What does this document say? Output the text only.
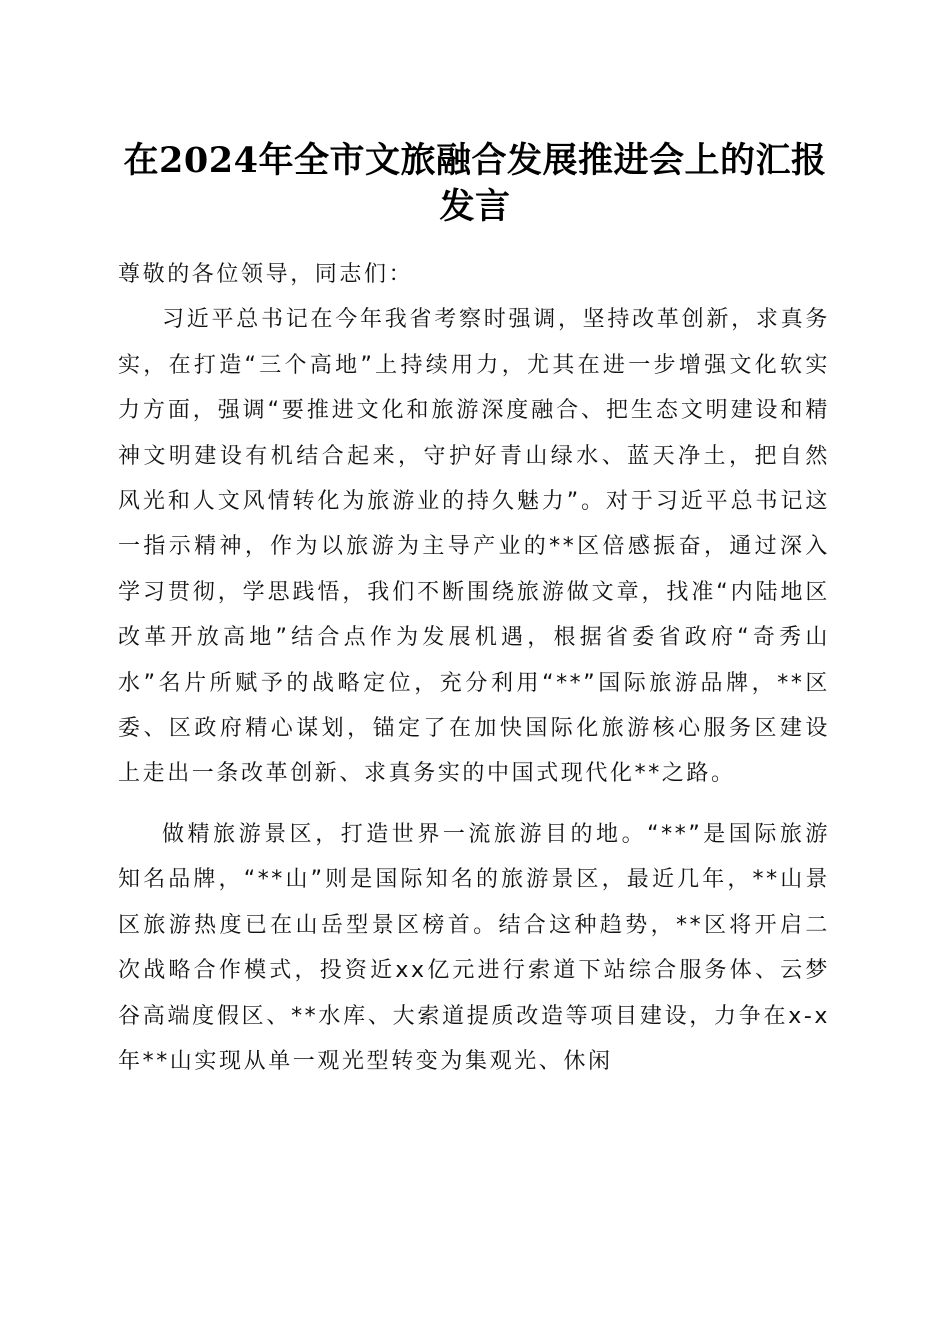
在2024年全市文旅融合发展推进会上的汇报发言

尊敬的各位领导，同志们：

习近平总书记在今年我省考察时强调，坚持改革创新，求真务实，在打造“三个高地”上持续用力，尤其在进一步增强文化软实力方面，强调“要推进文化和旅游深度融合、把生态文明建设和精神文明建设有机结合起来，守护好青山绿水、蓝天净土，把自然风光和人文风情转化为旅游业的持久魅力”。对于习近平总书记这一指示精神，作为以旅游为主导产业的**区倍感振奋，通过深入学习贯彻，学思践悟，我们不断围绕旅游做文章，找准“内陆地区改革开放高地”结合点作为发展机遇，根据省委省政府“奇秀山水”名片所赋予的战略定位，充分利用“**”国际旅游品牌，**区委、区政府精心谋划，锚定了在加快国际化旅游核心服务区建设上走出一条改革创新、求真务实的中国式现代化**之路。

做精旅游景区，打造世界一流旅游目的地。“**”是国际旅游知名品牌，“**山”则是国际知名的旅游景区，最近几年，**山景区旅游热度已在山岳型景区榜首。结合这种趋势，**区将开启二次战略合作模式，投资近xx亿元进行索道下站综合服务体、云梦谷高端度假区、**水库、大索道提质改造等项目建设，力争在x-x年**山实现从单一观光型转变为集观光、休闲
